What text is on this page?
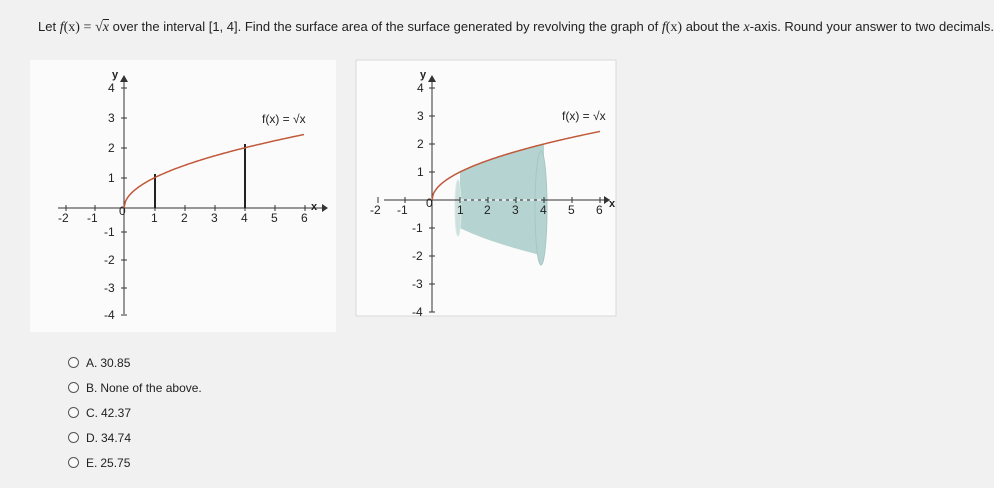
Let f(x) = √x over the interval [1, 4]. Find the surface area of the surface generated by revolving the graph of f(x) about the x-axis. Round your answer to two decimals.
y
x
-2 -1 0 1 2 3 4 5 6
4
3
2
1
-1
-2
-3
-4
f(x) = √x
y
x
-2 -1 0 1 2 3 4 5 6
4
3
2
1
-1
-2
-3
-4
f(x) = √x
A. 30.85
B. None of the above.
C. 42.37
D. 34.74
E. 25.75
